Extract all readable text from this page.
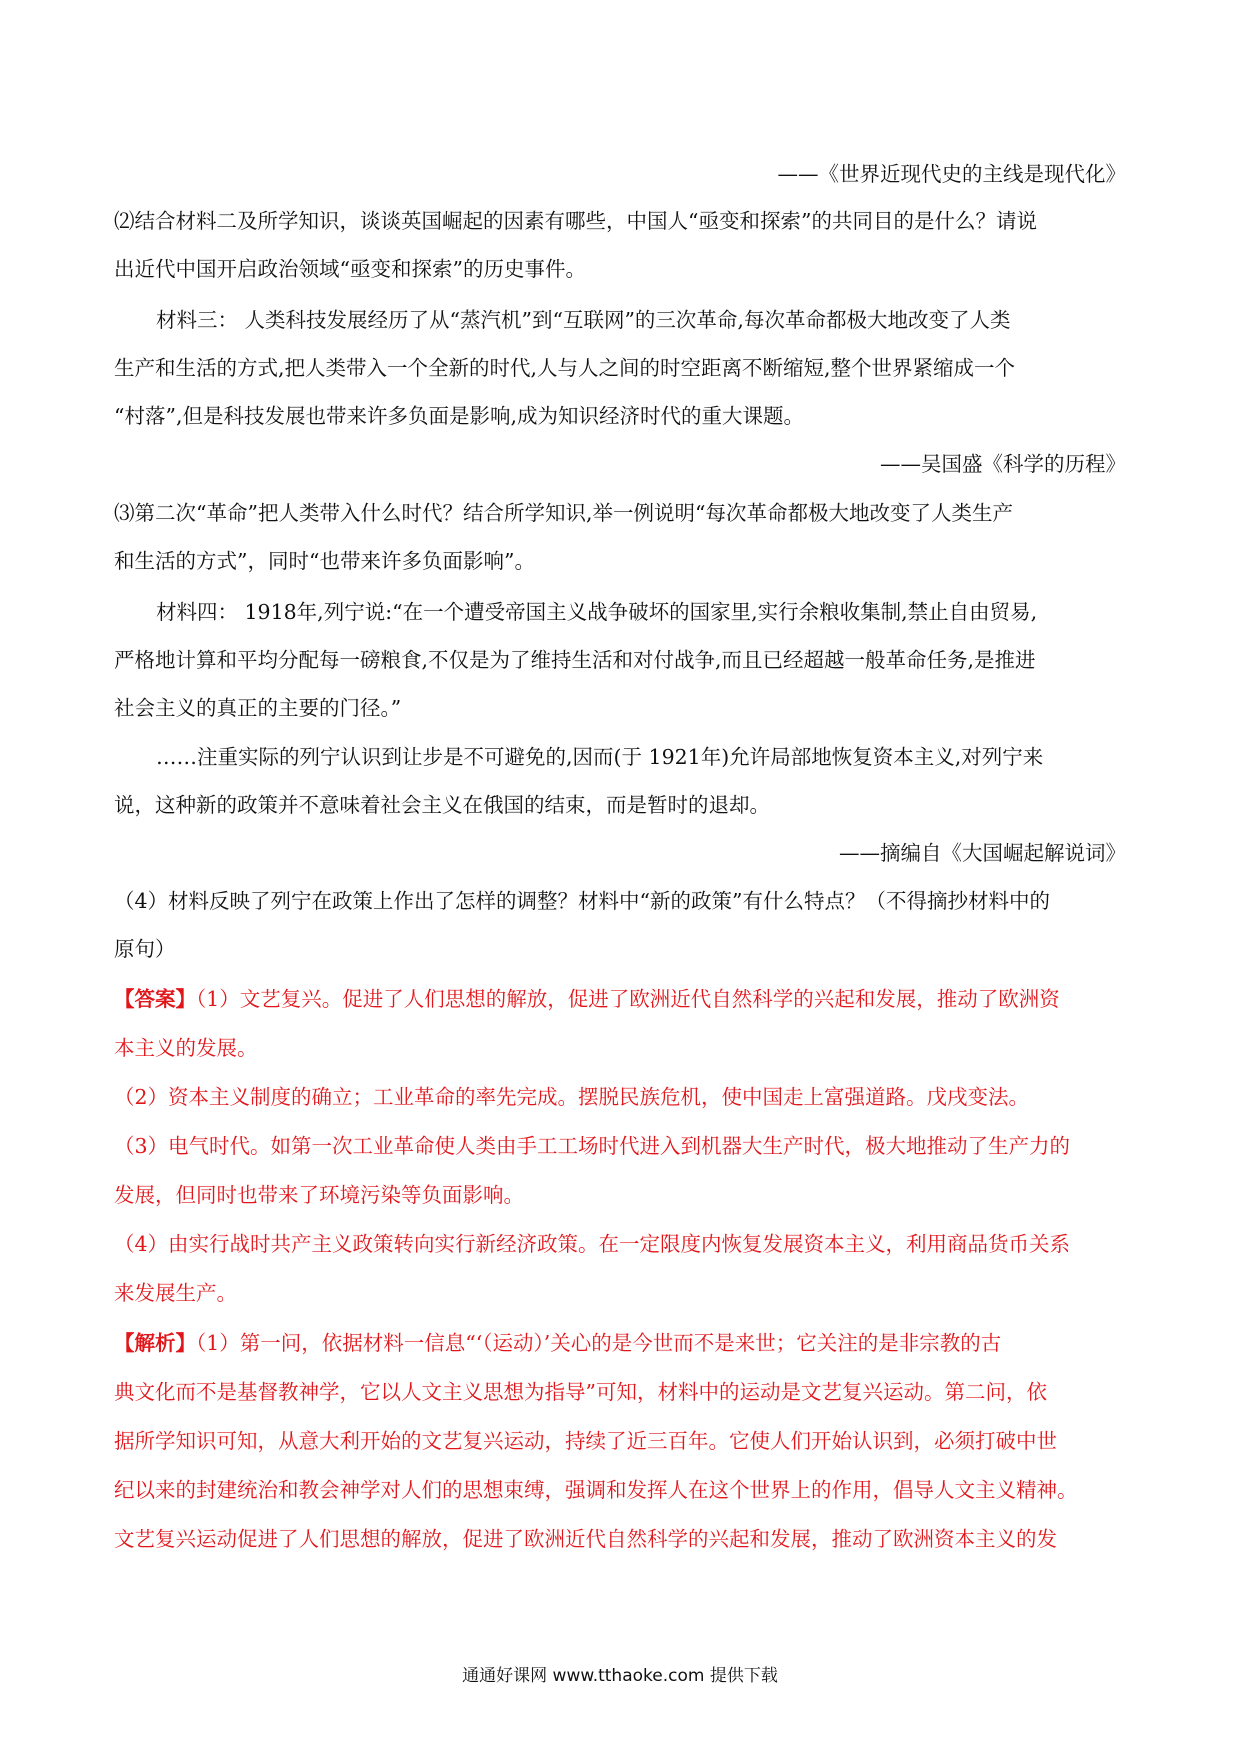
——《世界近现代史的主线是现代化》
⑵结合材料二及所学知识，谈谈英国崛起的因素有哪些，中国人“亟变和探索”的共同目的是什么？请说
出近代中国开启政治领域“亟变和探索”的历史事件。
材料三： 人类科技发展经历了从“蒸汽机”到“互联网”的三次革命,每次革命都极大地改变了人类
生产和生活的方式,把人类带入一个全新的时代,人与人之间的时空距离不断缩短,整个世界紧缩成一个
“村落”,但是科技发展也带来许多负面是影响,成为知识经济时代的重大课题。
——吴国盛《科学的历程》
⑶第二次“革命”把人类带入什么时代？结合所学知识,举一例说明“每次革命都极大地改变了人类生产
和生活的方式”，同时“也带来许多负面影响”。
材料四： 1918年,列宁说:“在一个遭受帝国主义战争破坏的国家里,实行余粮收集制,禁止自由贸易,
严格地计算和平均分配每一磅粮食,不仅是为了维持生活和对付战争,而且已经超越一般革命任务,是推进
社会主义的真正的主要的门径。”
……注重实际的列宁认识到让步是不可避免的,因而(于 1921年)允许局部地恢复资本主义,对列宁来
说，这种新的政策并不意味着社会主义在俄国的结束，而是暂时的退却。
——摘编自《大国崛起解说词》
（4）材料反映了列宁在政策上作出了怎样的调整？材料中“新的政策”有什么特点？（不得摘抄材料中的
原句）
【答案】（1）文艺复兴。促进了人们思想的解放，促进了欧洲近代自然科学的兴起和发展，推动了欧洲资
本主义的发展。
（2）资本主义制度的确立；工业革命的率先完成。摆脱民族危机，使中国走上富强道路。戊戌变法。
（3）电气时代。如第一次工业革命使人类由手工工场时代进入到机器大生产时代，极大地推动了生产力的
发展，但同时也带来了环境污染等负面影响。
（4）由实行战时共产主义政策转向实行新经济政策。在一定限度内恢复发展资本主义，利用商品货币关系
来发展生产。
【解析】（1）第一问，依据材料一信息“‘（运动）’关心的是今世而不是来世；它关注的是非宗教的古
典文化而不是基督教神学，它以人文主义思想为指导”可知，材料中的运动是文艺复兴运动。第二问，依
据所学知识可知，从意大利开始的文艺复兴运动，持续了近三百年。它使人们开始认识到，必须打破中世
纪以来的封建统治和教会神学对人们的思想束缚，强调和发挥人在这个世界上的作用，倡导人文主义精神。
文艺复兴运动促进了人们思想的解放，促进了欧洲近代自然科学的兴起和发展，推动了欧洲资本主义的发
通通好课网 www.tthaoke.com 提供下载
